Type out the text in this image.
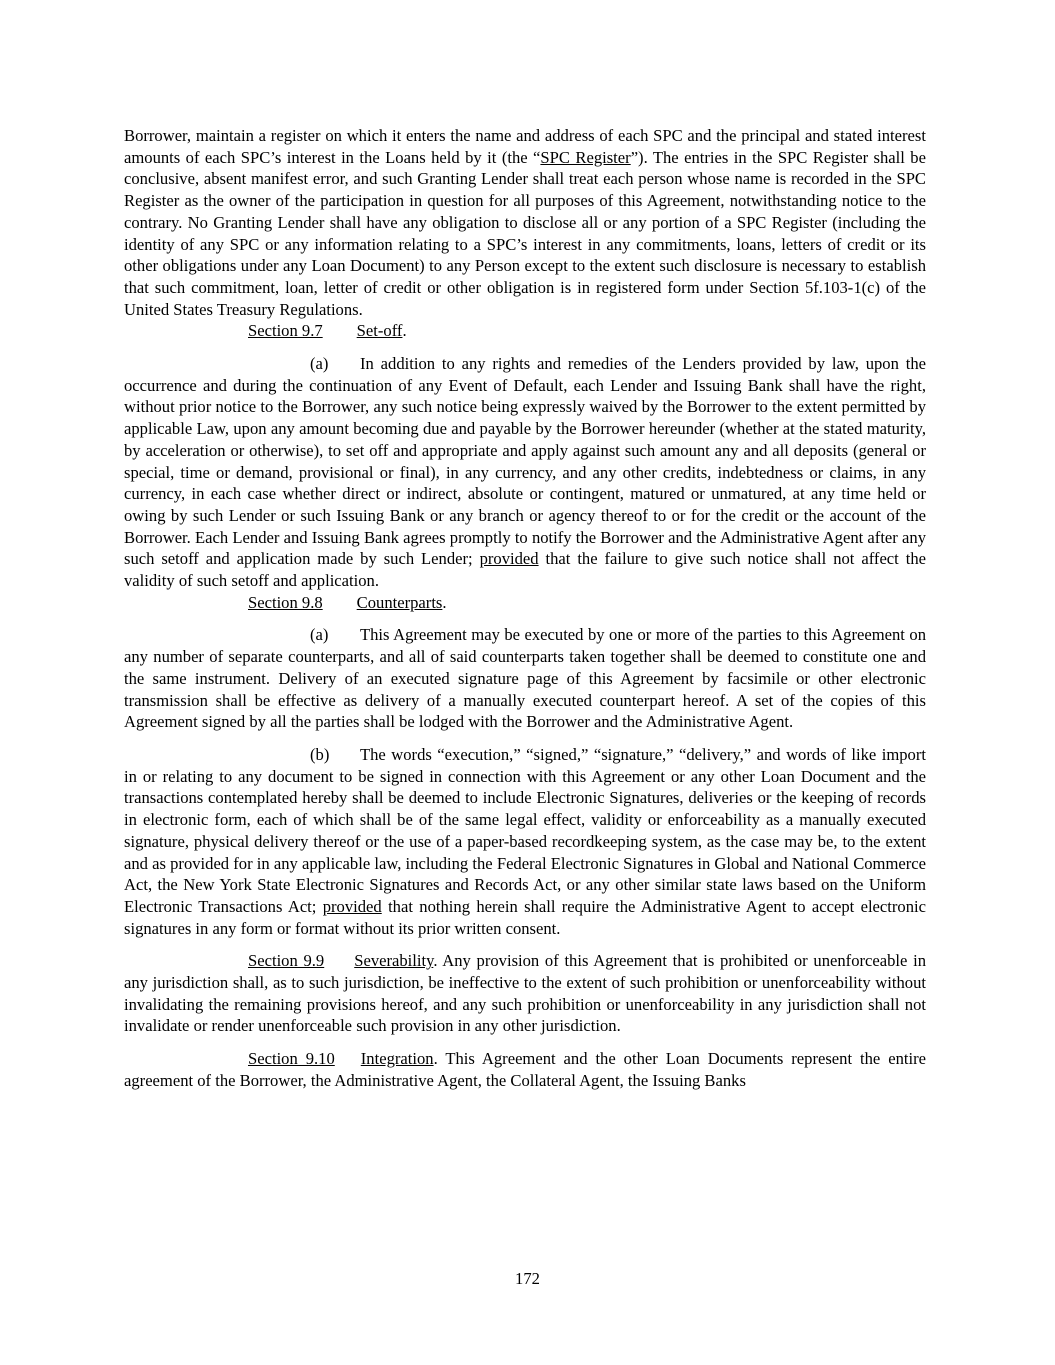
Borrower, maintain a register on which it enters the name and address of each SPC and the principal and stated interest amounts of each SPC’s interest in the Loans held by it (the “SPC Register”). The entries in the SPC Register shall be conclusive, absent manifest error, and such Granting Lender shall treat each person whose name is recorded in the SPC Register as the owner of the participation in question for all purposes of this Agreement, notwithstanding notice to the contrary. No Granting Lender shall have any obligation to disclose all or any portion of a SPC Register (including the identity of any SPC or any information relating to a SPC’s interest in any commitments, loans, letters of credit or its other obligations under any Loan Document) to any Person except to the extent such disclosure is necessary to establish that such commitment, loan, letter of credit or other obligation is in registered form under Section 5f.103-1(c) of the United States Treasury Regulations.

Section 9.7 Set-off.

(a) In addition to any rights and remedies of the Lenders provided by law, upon the occurrence and during the continuation of any Event of Default, each Lender and Issuing Bank shall have the right, without prior notice to the Borrower, any such notice being expressly waived by the Borrower to the extent permitted by applicable Law, upon any amount becoming due and payable by the Borrower hereunder (whether at the stated maturity, by acceleration or otherwise), to set off and appropriate and apply against such amount any and all deposits (general or special, time or demand, provisional or final), in any currency, and any other credits, indebtedness or claims, in any currency, in each case whether direct or indirect, absolute or contingent, matured or unmatured, at any time held or owing by such Lender or such Issuing Bank or any branch or agency thereof to or for the credit or the account of the Borrower. Each Lender and Issuing Bank agrees promptly to notify the Borrower and the Administrative Agent after any such setoff and application made by such Lender; provided that the failure to give such notice shall not affect the validity of such setoff and application.

Section 9.8 Counterparts.

(a) This Agreement may be executed by one or more of the parties to this Agreement on any number of separate counterparts, and all of said counterparts taken together shall be deemed to constitute one and the same instrument. Delivery of an executed signature page of this Agreement by facsimile or other electronic transmission shall be effective as delivery of a manually executed counterpart hereof. A set of the copies of this Agreement signed by all the parties shall be lodged with the Borrower and the Administrative Agent.

(b) The words “execution,” “signed,” “signature,” “delivery,” and words of like import in or relating to any document to be signed in connection with this Agreement or any other Loan Document and the transactions contemplated hereby shall be deemed to include Electronic Signatures, deliveries or the keeping of records in electronic form, each of which shall be of the same legal effect, validity or enforceability as a manually executed signature, physical delivery thereof or the use of a paper-based recordkeeping system, as the case may be, to the extent and as provided for in any applicable law, including the Federal Electronic Signatures in Global and National Commerce Act, the New York State Electronic Signatures and Records Act, or any other similar state laws based on the Uniform Electronic Transactions Act; provided that nothing herein shall require the Administrative Agent to accept electronic signatures in any form or format without its prior written consent.

Section 9.9 Severability. Any provision of this Agreement that is prohibited or unenforceable in any jurisdiction shall, as to such jurisdiction, be ineffective to the extent of such prohibition or unenforceability without invalidating the remaining provisions hereof, and any such prohibition or unenforceability in any jurisdiction shall not invalidate or render unenforceable such provision in any other jurisdiction.

Section 9.10 Integration. This Agreement and the other Loan Documents represent the entire agreement of the Borrower, the Administrative Agent, the Collateral Agent, the Issuing Banks

172
